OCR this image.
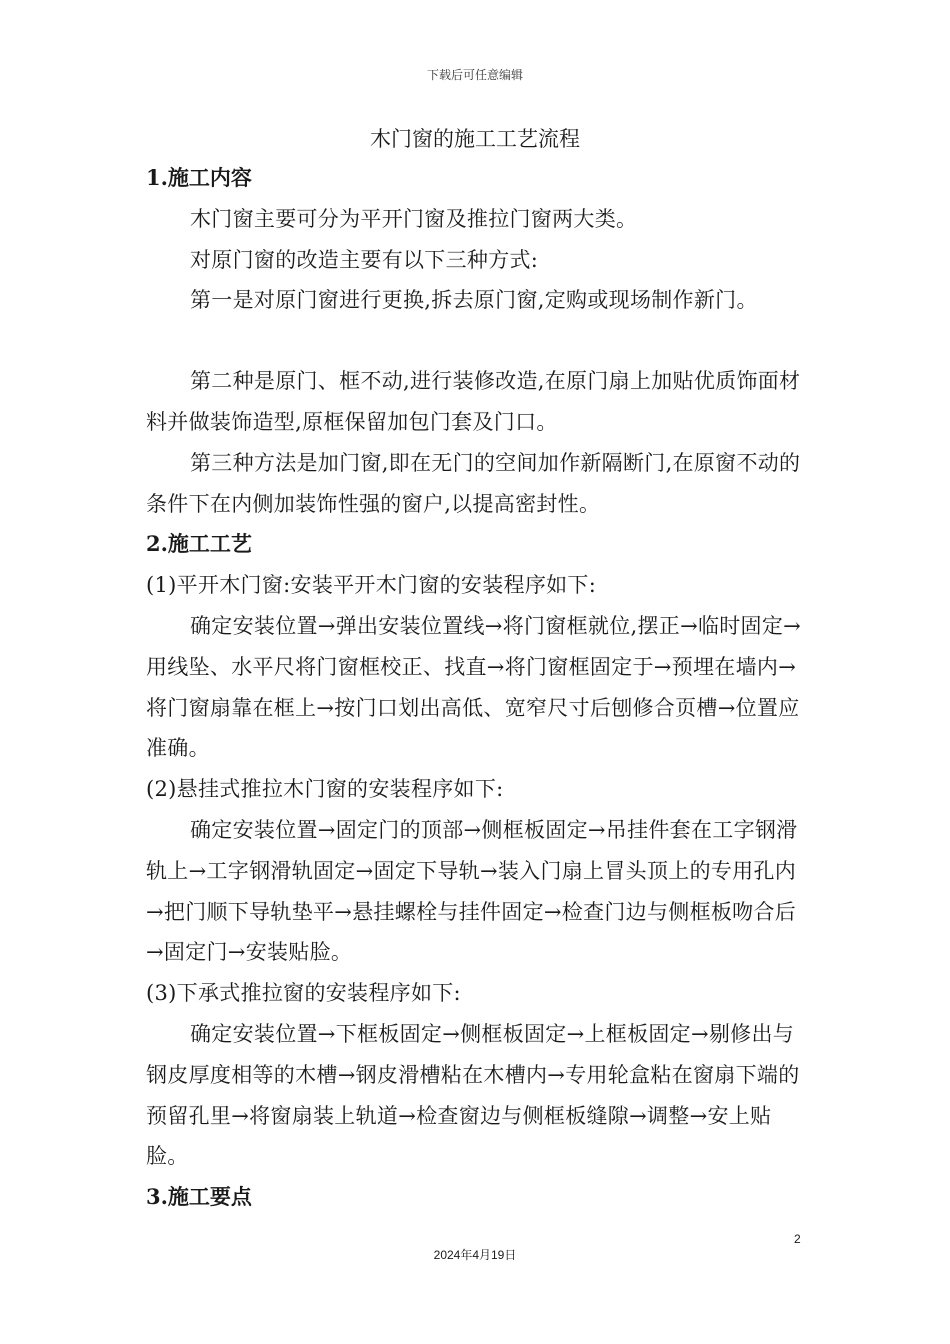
下载后可任意编辑
木门窗的施工工艺流程
1.施工内容

木门窗主要可分为平开门窗及推拉门窗两大类。

对原门窗的改造主要有以下三种方式:

第一是对原门窗进行更换,拆去原门窗,定购或现场制作新门。

第二种是原门、框不动,进行装修改造,在原门扇上加贴优质饰面材料并做装饰造型,原框保留加包门套及门口。

第三种方法是加门窗,即在无门的空间加作新隔断门,在原窗不动的条件下在内侧加装饰性强的窗户,以提高密封性。

2.施工工艺

(1)平开木门窗:安装平开木门窗的安装程序如下:

确定安装位置→弹出安装位置线→将门窗框就位,摆正→临时固定→用线坠、水平尺将门窗框校正、找直→将门窗框固定于→预埋在墙内→将门窗扇靠在框上→按门口划出高低、宽窄尺寸后刨修合页槽→位置应准确。

(2)悬挂式推拉木门窗的安装程序如下:

确定安装位置→固定门的顶部→侧框板固定→吊挂件套在工字钢滑轨上→工字钢滑轨固定→固定下导轨→装入门扇上冒头顶上的专用孔内→把门顺下导轨垫平→悬挂螺栓与挂件固定→检查门边与侧框板吻合后→固定门→安装贴脸。

(3)下承式推拉窗的安装程序如下:

确定安装位置→下框板固定→侧框板固定→上框板固定→剔修出与钢皮厚度相等的木槽→钢皮滑槽粘在木槽内→专用轮盒粘在窗扇下端的预留孔里→将窗扇装上轨道→检查窗边与侧框板缝隙→调整→安上贴脸。

3.施工要点
2
2024年4月19日
